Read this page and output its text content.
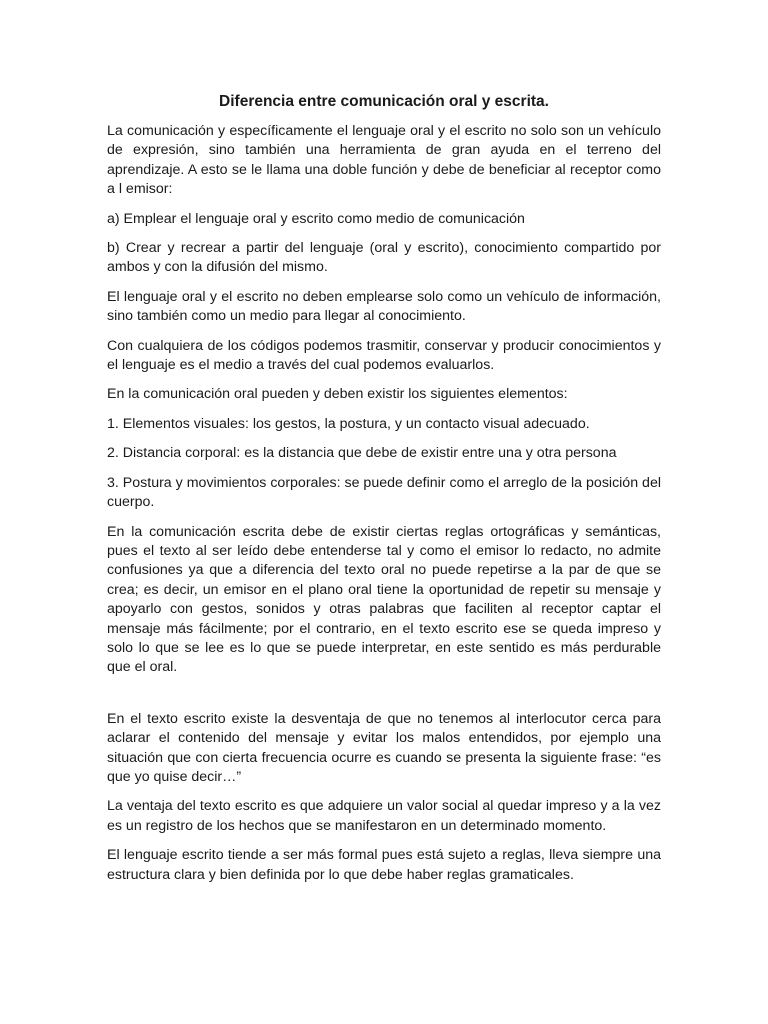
Diferencia entre comunicación oral y escrita.

La comunicación y específicamente el lenguaje oral y el escrito no solo son un vehículo de expresión, sino también una herramienta de gran ayuda en el terreno del aprendizaje. A esto se le llama una doble función y debe de beneficiar al receptor como a l emisor:

a) Emplear el lenguaje oral y escrito como medio de comunicación

b) Crear y recrear a partir del lenguaje (oral y escrito), conocimiento compartido por ambos y con la difusión del mismo.

El lenguaje oral y el escrito no deben emplearse solo como un vehículo de información, sino también como un medio para llegar al conocimiento.

Con cualquiera de los códigos podemos trasmitir, conservar y producir conocimientos y el lenguaje es el medio a través del cual podemos evaluarlos.

En la comunicación oral pueden y deben existir los siguientes elementos:

1. Elementos visuales: los gestos, la postura, y un contacto visual adecuado.

2. Distancia corporal: es la distancia que debe de existir entre una y otra persona

3. Postura y movimientos corporales: se puede definir como el arreglo de la posición del cuerpo.

En la comunicación escrita debe de existir ciertas reglas ortográficas y semánticas, pues el texto al ser leído debe entenderse tal y como el emisor lo redacto, no admite confusiones ya que a diferencia del texto oral no puede repetirse a la par de que se crea; es decir, un emisor en el plano oral tiene la oportunidad de repetir su mensaje y apoyarlo con gestos, sonidos y otras palabras que faciliten al receptor captar el mensaje más fácilmente; por el contrario, en el texto escrito ese se queda impreso y solo lo que se lee es lo que se puede interpretar, en este sentido es más perdurable que el oral.

En el texto escrito existe la desventaja de que no tenemos al interlocutor cerca para aclarar el contenido del mensaje y evitar los malos entendidos, por ejemplo una situación que con cierta frecuencia ocurre es cuando se presenta la siguiente frase: “es que yo quise decir…”

La ventaja del texto escrito es que adquiere un valor social al quedar impreso y a la vez es un registro de los hechos que se manifestaron en un determinado momento.

El lenguaje escrito tiende a ser más formal pues está sujeto a reglas, lleva siempre una estructura clara y bien definida por lo que debe haber reglas gramaticales.
